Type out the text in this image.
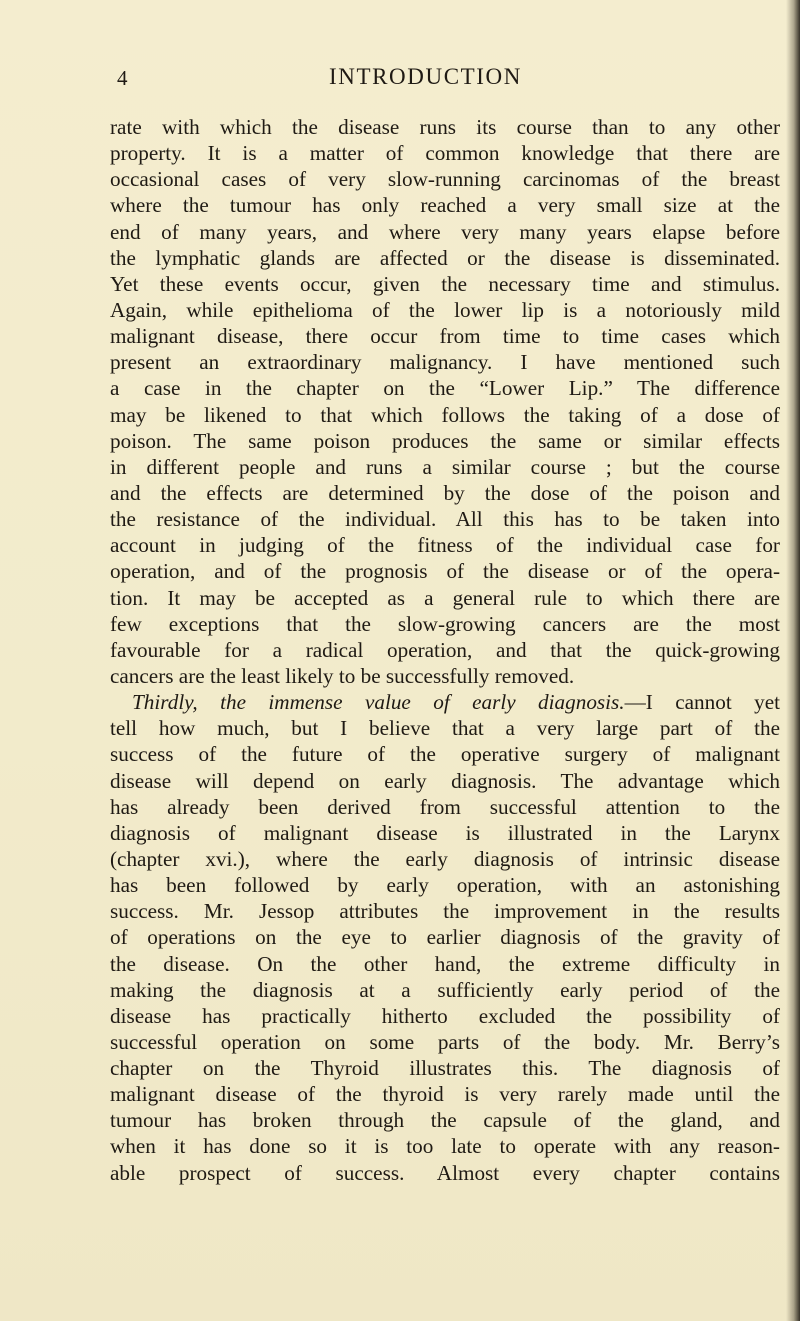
4	INTRODUCTION
rate with which the disease runs its course than to any other
property. It is a matter of common knowledge that there are
occasional cases of very slow-running carcinomas of the breast
where the tumour has only reached a very small size at the
end of many years, and where very many years elapse before
the lymphatic glands are affected or the disease is disseminated.
Yet these events occur, given the necessary time and stimulus.
Again, while epithelioma of the lower lip is a notoriously mild
malignant disease, there occur from time to time cases which
present an extraordinary malignancy. I have mentioned such
a case in the chapter on the “Lower Lip.” The difference
may be likened to that which follows the taking of a dose of
poison. The same poison produces the same or similar effects
in different people and runs a similar course ; but the course
and the effects are determined by the dose of the poison and
the resistance of the individual. All this has to be taken into
account in judging of the fitness of the individual case for
operation, and of the prognosis of the disease or of the opera-
tion. It may be accepted as a general rule to which there are
few exceptions that the slow-growing cancers are the most
favourable for a radical operation, and that the quick-growing
cancers are the least likely to be successfully removed.
Thirdly, the immense value of early diagnosis.—I cannot yet
tell how much, but I believe that a very large part of the
success of the future of the operative surgery of malignant
disease will depend on early diagnosis. The advantage which
has already been derived from successful attention to the
diagnosis of malignant disease is illustrated in the Larynx
(chapter xvi.), where the early diagnosis of intrinsic disease
has been followed by early operation, with an astonishing
success. Mr. Jessop attributes the improvement in the results
of operations on the eye to earlier diagnosis of the gravity of
the disease. On the other hand, the extreme difficulty in
making the diagnosis at a sufficiently early period of the
disease has practically hitherto excluded the possibility of
successful operation on some parts of the body. Mr. Berry’s
chapter on the Thyroid illustrates this. The diagnosis of
malignant disease of the thyroid is very rarely made until the
tumour has broken through the capsule of the gland, and
when it has done so it is too late to operate with any reason-
able prospect of success. Almost every chapter contains
